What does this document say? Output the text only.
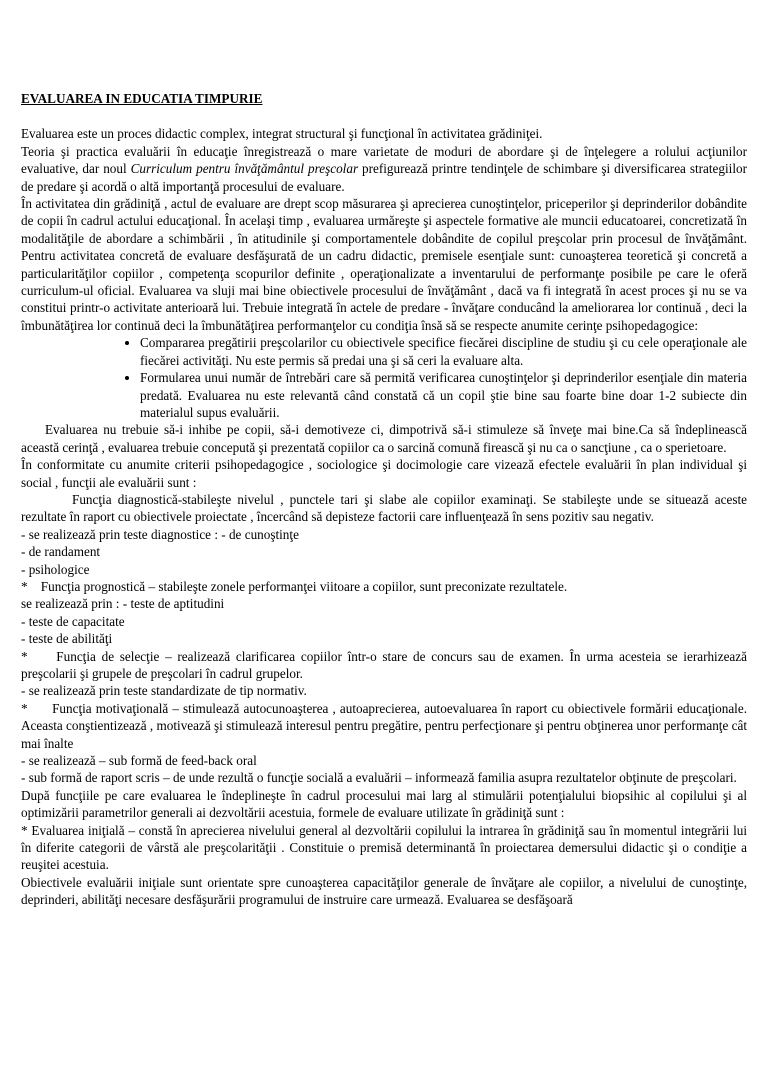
EVALUAREA IN EDUCATIA TIMPURIE

Evaluarea este un proces didactic complex, integrat structural şi funcţional în activitatea grădiniţei.

Teoria şi practica evaluării în educaţie înregistrează o mare varietate de moduri de abordare şi de înţelegere a rolului acţiunilor evaluative, dar noul Curriculum pentru învăţământul preşcolar prefigurează printre tendinţele de schimbare şi diversificarea strategiilor de predare şi acordă o altă importanţă procesului de evaluare.

În activitatea din grădiniţă , actul de evaluare are drept scop măsurarea şi aprecierea cunoştinţelor, priceperilor şi deprinderilor dobândite de copii în cadrul actului educaţional. În acelaşi timp , evaluarea urmăreşte şi aspectele formative ale muncii educatoarei, concretizată în modalităţile de abordare a schimbării , în atitudinile şi comportamentele dobândite de copilul preşcolar prin procesul de învăţământ. Pentru activitatea concretă de evaluare desfăşurată de un cadru didactic, premisele esenţiale sunt: cunoaşterea teoretică şi concretă a particularităţilor copiilor , competenţa scopurilor definite , operaţionalizate a inventarului de performanţe posibile pe care le oferă curriculum-ul oficial. Evaluarea va sluji mai bine obiectivele procesului de învăţământ , dacă va fi integrată în acest proces şi nu se va constitui printr-o activitate anterioară lui. Trebuie integrată în actele de predare - învăţare conducând la ameliorarea lor continuă , deci la îmbunătăţirea lor continuă deci la îmbunătăţirea performanţelor cu condiţia însă să se respecte anumite cerinţe psihopedagogice:

• Compararea pregătirii preşcolarilor cu obiectivele specifice fiecărei discipline de studiu şi cu cele operaţionale ale fiecărei activităţi. Nu este permis să predai una şi să ceri la evaluare alta.
• Formularea unui număr de întrebări care să permită verificarea cunoştinţelor şi deprinderilor esenţiale din materia predată. Evaluarea nu este relevantă când constată că un copil ştie bine sau foarte bine doar 1-2 subiecte din materialul supus evaluării.

Evaluarea nu trebuie să-i inhibe pe copii, să-i demotiveze ci, dimpotrivă să-i stimuleze să înveţe mai bine.Ca să îndeplinească această cerinţă , evaluarea trebuie concepută şi prezentată copiilor ca o sarcină comună firească şi nu ca o sancţiune , ca o sperietoare.

În conformitate cu anumite criterii psihopedagogice , sociologice şi docimologie care vizează efectele evaluării în plan individual şi social , funcţii ale evaluării sunt :

Funcţia diagnostică-stabileşte nivelul , punctele tari şi slabe ale copiilor examinaţi. Se stabileşte unde se situează aceste rezultate în raport cu obiectivele proiectate , încercând să depisteze factorii care influenţează în sens pozitiv sau negativ.

- se realizează prin teste diagnostice : - de cunoştinţe

- de randament

- psihologice

*    Funcţia prognostică – stabileşte zonele performanţei viitoare a copiilor, sunt preconizate rezultatele.

se realizează prin : - teste de aptitudini

- teste de capacitate

- teste de abilităţi

*     Funcţia de selecţie – realizează clarificarea copiilor într-o stare de concurs sau de examen. În urma acesteia se ierarhizează preşcolarii şi grupele de preşcolari în cadrul grupelor.

- se realizează prin teste standardizate de tip normativ.

*      Funcţia motivaţională – stimulează autocunoaşterea , autoaprecierea, autoevaluarea în raport cu obiectivele formării educaţionale. Aceasta conştientizează , motivează şi stimulează interesul pentru pregătire, pentru perfecţionare şi pentru obţinerea unor performanţe cât mai înalte

- se realizează – sub formă de feed-back oral

- sub formă de raport scris – de unde rezultă o funcţie socială a evaluării – informează familia asupra rezultatelor obţinute de preşcolari.

După funcţiile pe care evaluarea le îndeplineşte în cadrul procesului mai larg al stimulării potenţialului biopsihic al copilului şi al optimizării parametrilor generali ai dezvoltării acestuia, formele de evaluare utilizate în grădiniţă sunt :

* Evaluarea iniţială – constă în aprecierea nivelului general al dezvoltării copilului la intrarea în grădiniţă sau în momentul integrării lui în diferite categorii de vârstă ale preşcolarităţii . Constituie o premisă determinantă în proiectarea demersului didactic şi o condiţie a reuşitei acestuia.

Obiectivele evaluării iniţiale sunt orientate spre cunoaşterea capacităţilor generale de învăţare ale copiilor, a nivelului de cunoştinţe, deprinderi, abilităţi necesare desfăşurării programului de instruire care urmează. Evaluarea se desfăşoară
